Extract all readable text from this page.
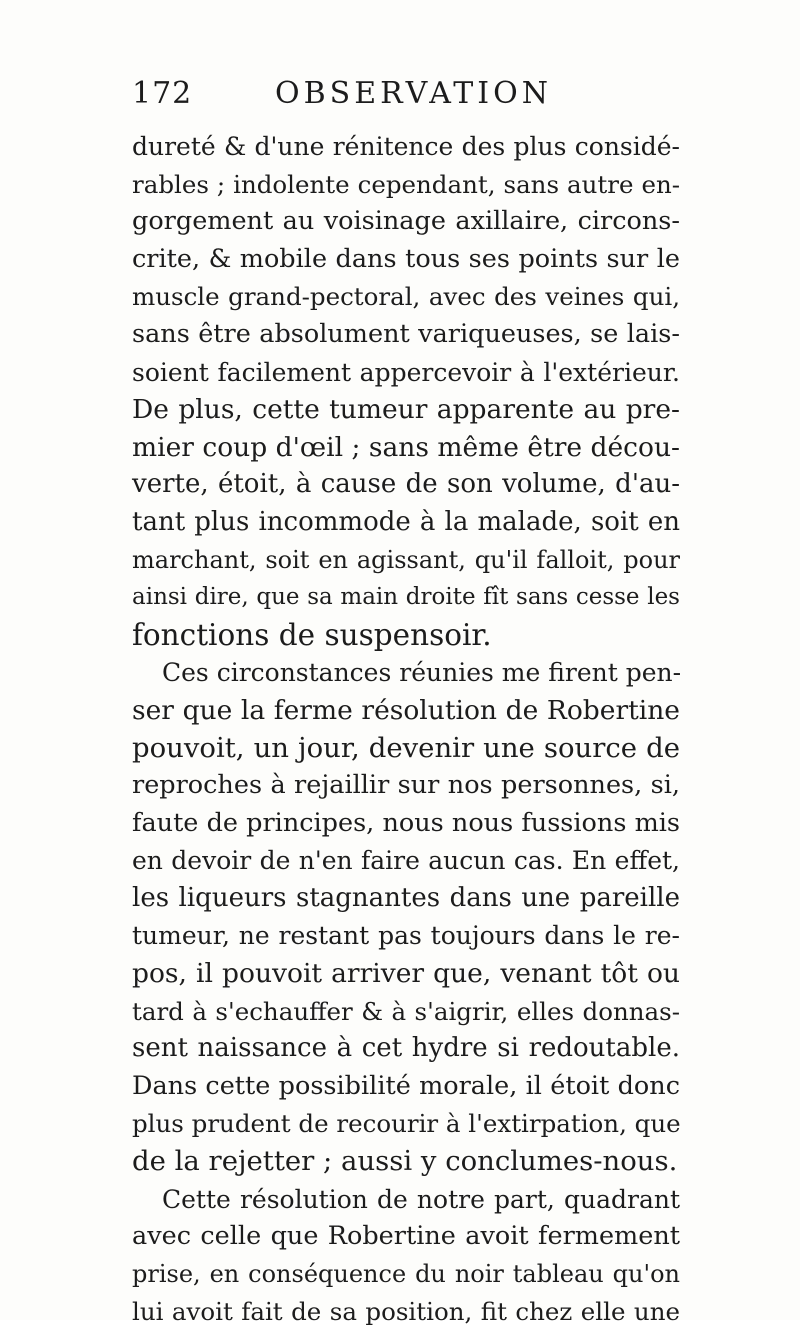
172	OBSERVATION
dureté & d'une rénitence des plus considé-
rables ; indolente cependant, sans autre en-
gorgement au voisinage axillaire, circons-
crite, & mobile dans tous ses points sur le
muscle grand-pectoral, avec des veines qui,
sans être absolument variqueuses, se lais-
soient facilement appercevoir à l'extérieur.
De plus, cette tumeur apparente au pre-
mier coup d'œil ; sans même être décou-
verte, étoit, à cause de son volume, d'au-
tant plus incommode à la malade, soit en
marchant, soit en agissant, qu'il falloit, pour
ainsi dire, que sa main droite fît sans cesse les
fonctions de suspensoir.
Ces circonstances réunies me firent pen-
ser que la ferme résolution de Robertine
pouvoit, un jour, devenir une source de
reproches à rejaillir sur nos personnes, si,
faute de principes, nous nous fussions mis
en devoir de n'en faire aucun cas. En effet,
les liqueurs stagnantes dans une pareille
tumeur, ne restant pas toujours dans le re-
pos, il pouvoit arriver que, venant tôt ou
tard à s'echauffer & à s'aigrir, elles donnas-
sent naissance à cet hydre si redoutable.
Dans cette possibilité morale, il étoit donc
plus prudent de recourir à l'extirpation, que
de la rejetter ; aussi y conclumes-nous.
Cette résolution de notre part, quadrant
avec celle que Robertine avoit fermement
prise, en conséquence du noir tableau qu'on
lui avoit fait de sa position, fit chez elle une
